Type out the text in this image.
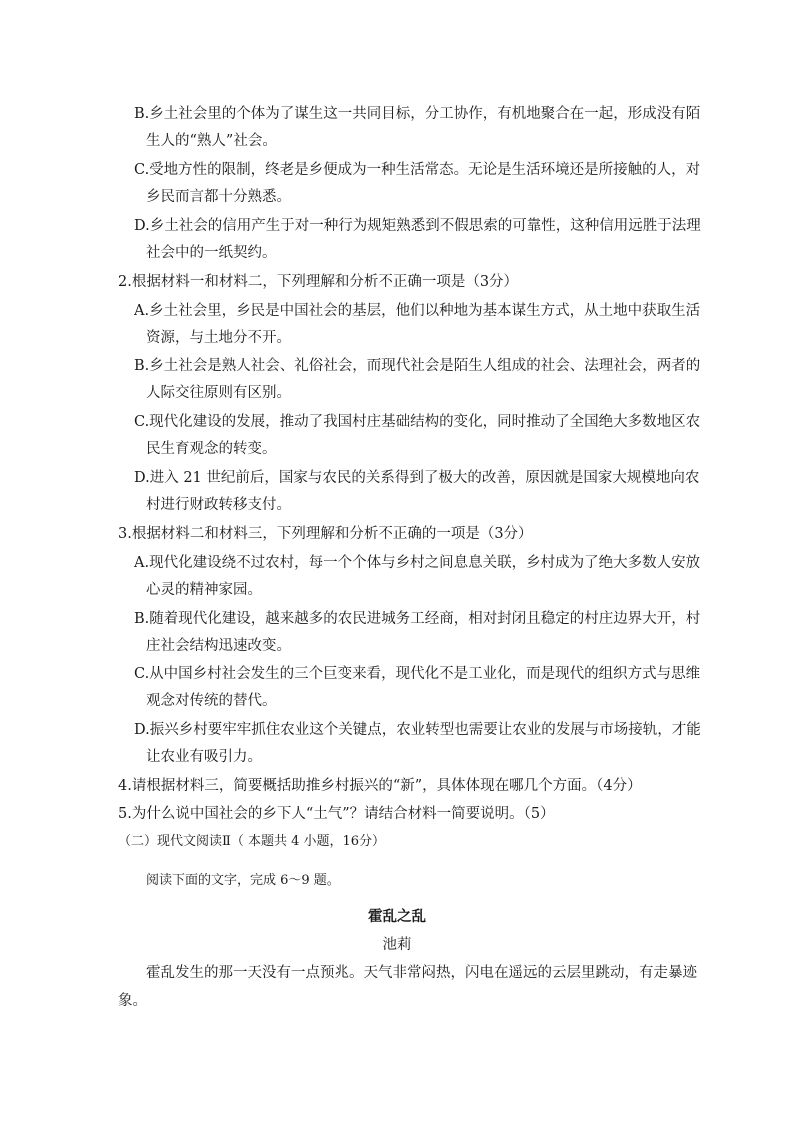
B.乡土社会里的个体为了谋生这一共同目标，分工协作，有机地聚合在一起，形成没有陌
生人的“熟人”社会。
C.受地方性的限制，终老是乡便成为一种生活常态。无论是生活环境还是所接触的人，对
乡民而言都十分熟悉。
D.乡土社会的信用产生于对一种行为规矩熟悉到不假思索的可靠性，这种信用远胜于法理
社会中的一纸契约。
2.根据材料一和材料二，下列理解和分析不正确一项是（3分）
A.乡土社会里，乡民是中国社会的基层，他们以种地为基本谋生方式，从土地中获取生活
资源，与土地分不开。
B.乡土社会是熟人社会、礼俗社会，而现代社会是陌生人组成的社会、法理社会，两者的
人际交往原则有区别。
C.现代化建设的发展，推动了我国村庄基础结构的变化，同时推动了全国绝大多数地区农
民生育观念的转变。
D.进入 21 世纪前后，国家与农民的关系得到了极大的改善，原因就是国家大规模地向农
村进行财政转移支付。
3.根据材料二和材料三，下列理解和分析不正确的一项是（3分）
A.现代化建设绕不过农村，每一个个体与乡村之间息息关联，乡村成为了绝大多数人安放
心灵的精神家园。
B.随着现代化建设，越来越多的农民进城务工经商，相对封闭且稳定的村庄边界大开，村
庄社会结构迅速改变。
C.从中国乡村社会发生的三个巨变来看，现代化不是工业化，而是现代的组织方式与思维
观念对传统的替代。
D.振兴乡村要牢牢抓住农业这个关键点，农业转型也需要让农业的发展与市场接轨，才能
让农业有吸引力。
4.请根据材料三，简要概括助推乡村振兴的“新”，具体体现在哪几个方面。（4分）
5.为什么说中国社会的乡下人“土气”？请结合材料一简要说明。（5）
（二）现代文阅读Ⅱ（ 本题共 4 小题，16分）
阅读下面的文字，完成 6～9 题。
霍乱之乱
池莉
霍乱发生的那一天没有一点预兆。天气非常闷热，闪电在遥远的云层里跳动，有走暴迹
象。
